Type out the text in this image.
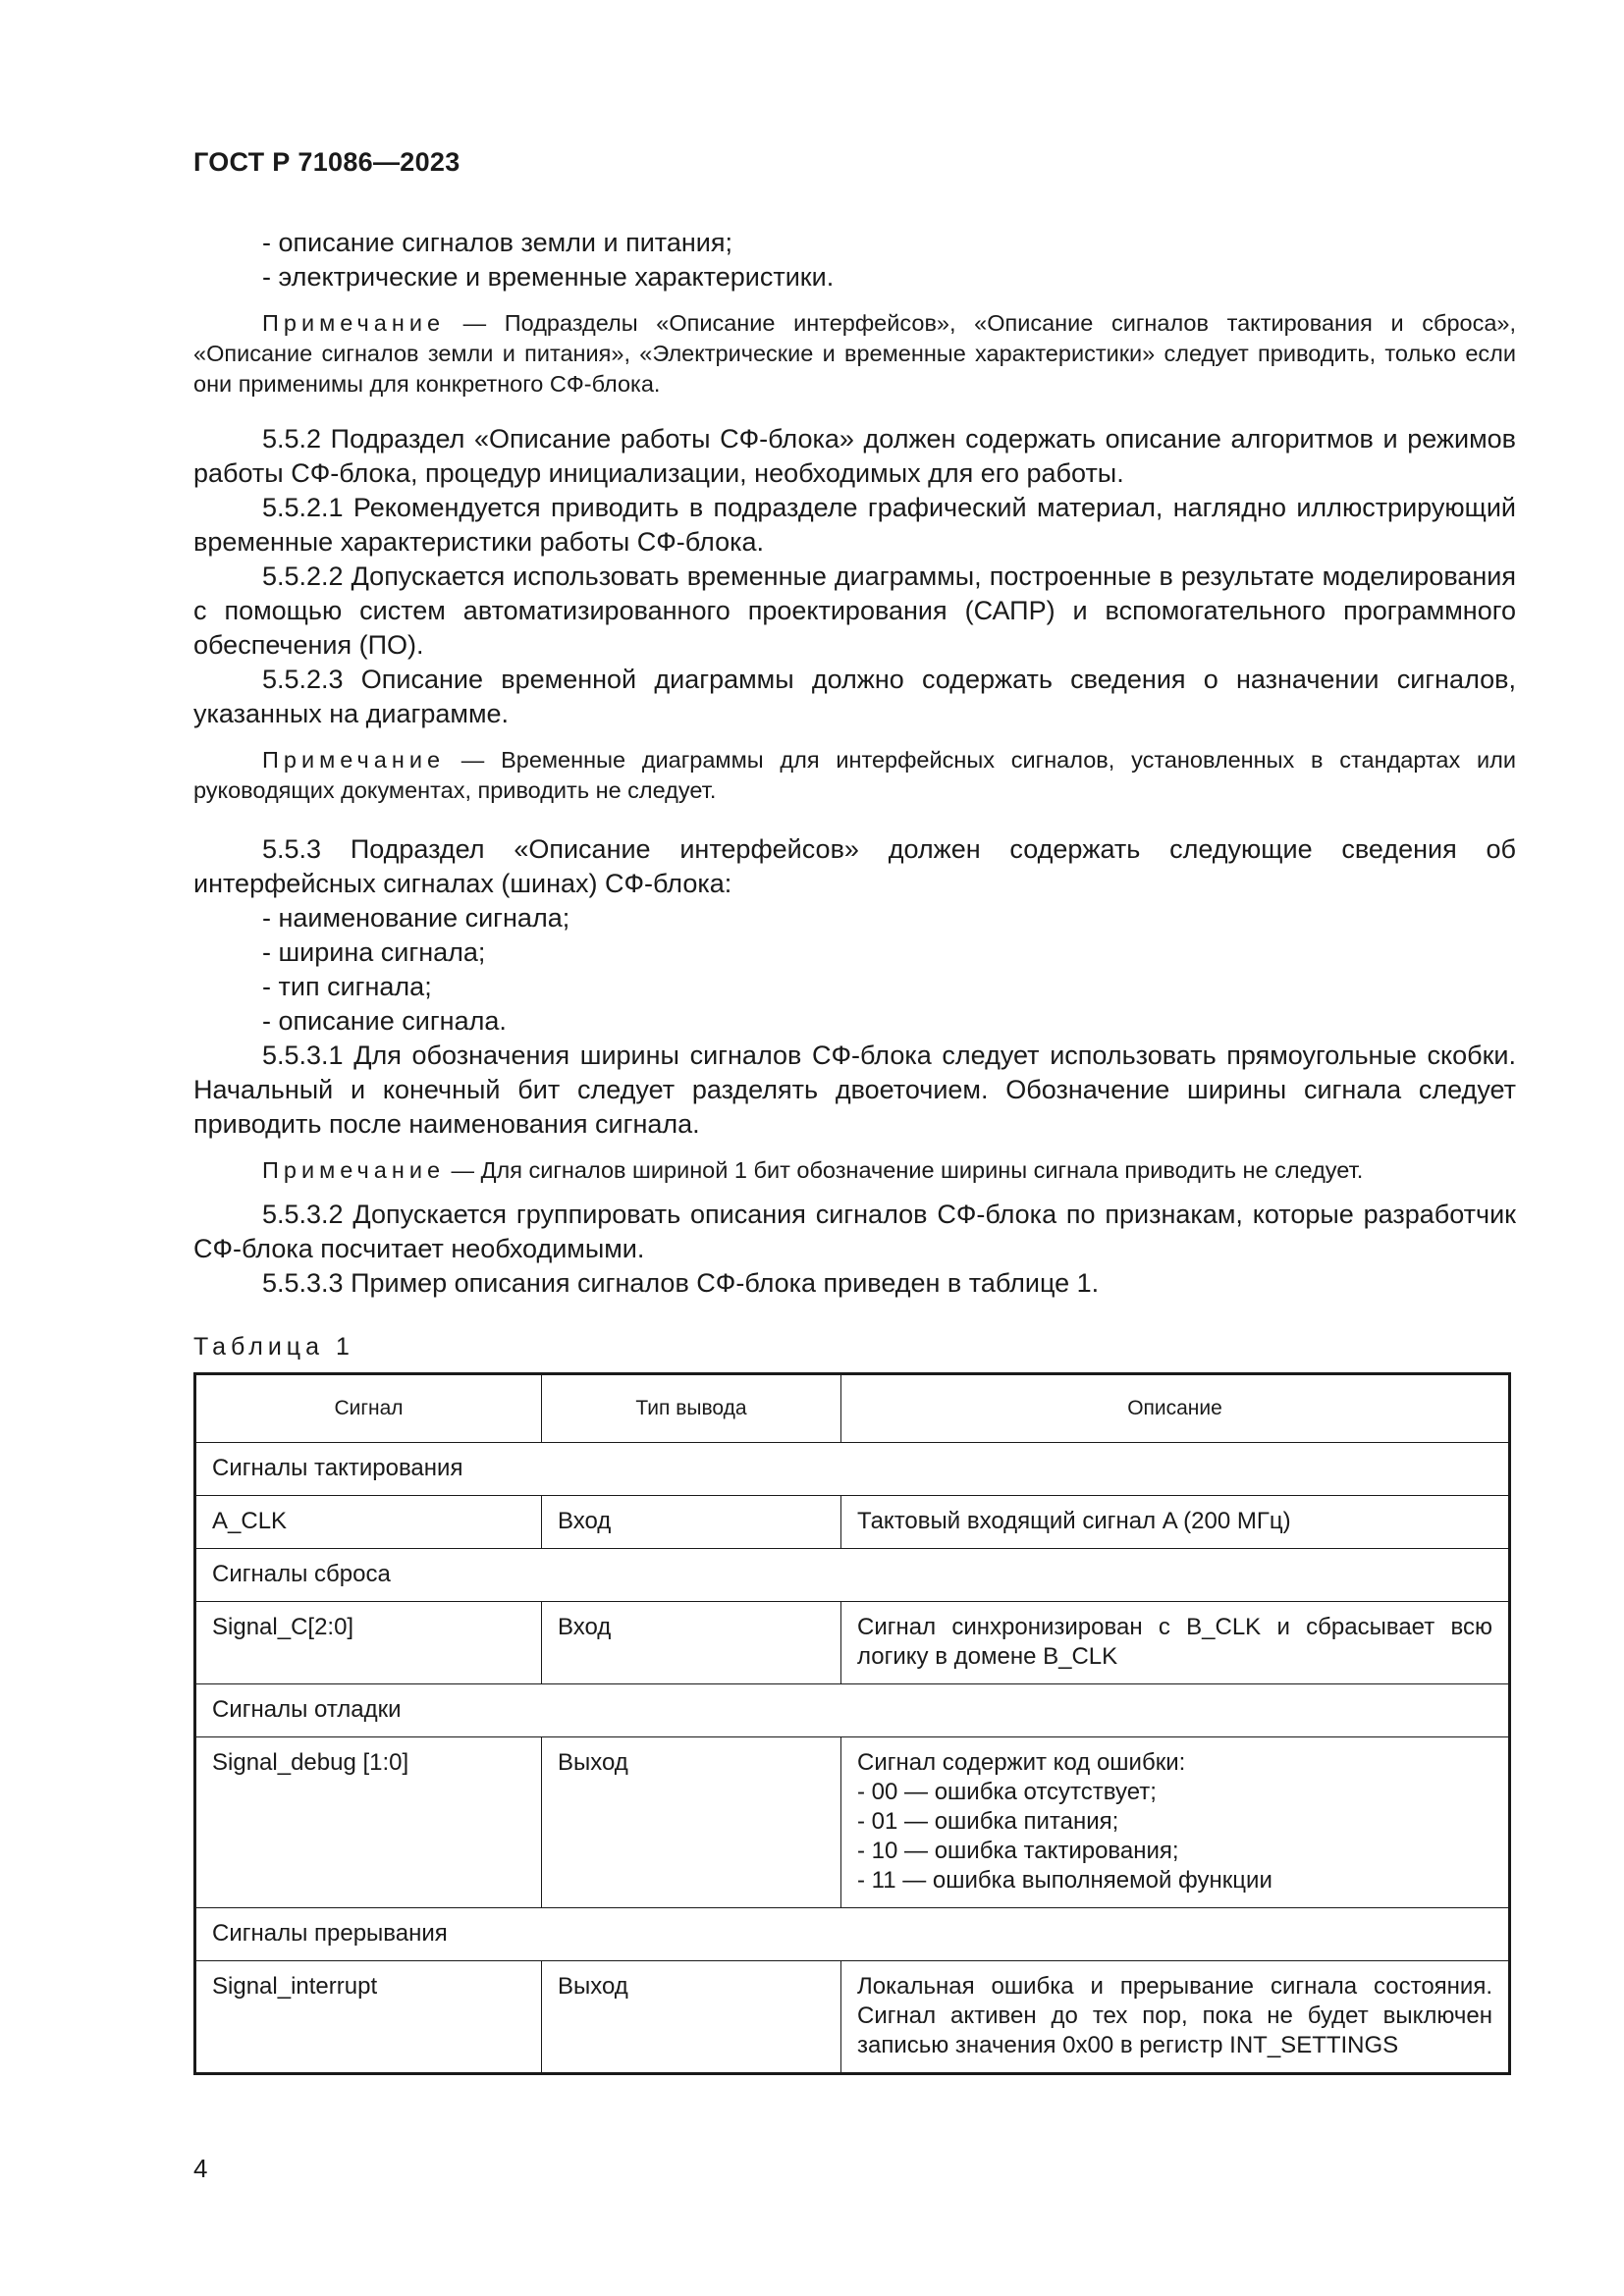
ГОСТ Р 71086—2023

- описание сигналов земли и питания;

- электрические и временные характеристики.

Примечание — Подразделы «Описание интерфейсов», «Описание сигналов тактирования и сброса», «Описание сигналов земли и питания», «Электрические и временные характеристики» следует приводить, только если они применимы для конкретного СФ-блока.

5.5.2 Подраздел «Описание работы СФ-блока» должен содержать описание алгоритмов и режимов работы СФ-блока, процедур инициализации, необходимых для его работы.

5.5.2.1 Рекомендуется приводить в подразделе графический материал, наглядно иллюстрирующий временные характеристики работы СФ-блока.

5.5.2.2 Допускается использовать временные диаграммы, построенные в результате моделирования с помощью систем автоматизированного проектирования (САПР) и вспомогательного программного обеспечения (ПО).

5.5.2.3 Описание временной диаграммы должно содержать сведения о назначении сигналов, указанных на диаграмме.

Примечание — Временные диаграммы для интерфейсных сигналов, установленных в стандартах или руководящих документах, приводить не следует.

5.5.3 Подраздел «Описание интерфейсов» должен содержать следующие сведения об интерфейсных сигналах (шинах) СФ-блока:

- наименование сигнала;

- ширина сигнала;

- тип сигнала;

- описание сигнала.

5.5.3.1 Для обозначения ширины сигналов СФ-блока следует использовать прямоугольные скобки. Начальный и конечный бит следует разделять двоеточием. Обозначение ширины сигнала следует приводить после наименования сигнала.

Примечание — Для сигналов шириной 1 бит обозначение ширины сигнала приводить не следует.

5.5.3.2 Допускается группировать описания сигналов СФ-блока по признакам, которые разработчик СФ-блока посчитает необходимыми.

5.5.3.3 Пример описания сигналов СФ-блока приведен в таблице 1.

Таблица 1
Сигнал	Тип вывода	Описание
Сигналы тактирования		
A_CLK	Вход	Тактовый входящий сигнал A (200 МГц)
Сигналы сброса		
Signal_C[2:0]	Вход	Сигнал синхронизирован с B_CLK и сбрасывает всю логику в домене B_CLK
Сигналы отладки		
Signal_debug [1:0]	Выход	Сигнал содержит код ошибки:
- 00 — ошибка отсутствует;
- 01 — ошибка питания;
- 10 — ошибка тактирования;
- 11 — ошибка выполняемой функции

Сигналы прерывания		
Signal_interrupt	Выход	Локальная ошибка и прерывание сигнала состояния. Сигнал активен до тех пор, пока не будет выключен записью значения 0x00 в регистр INT_SETTINGS
4
